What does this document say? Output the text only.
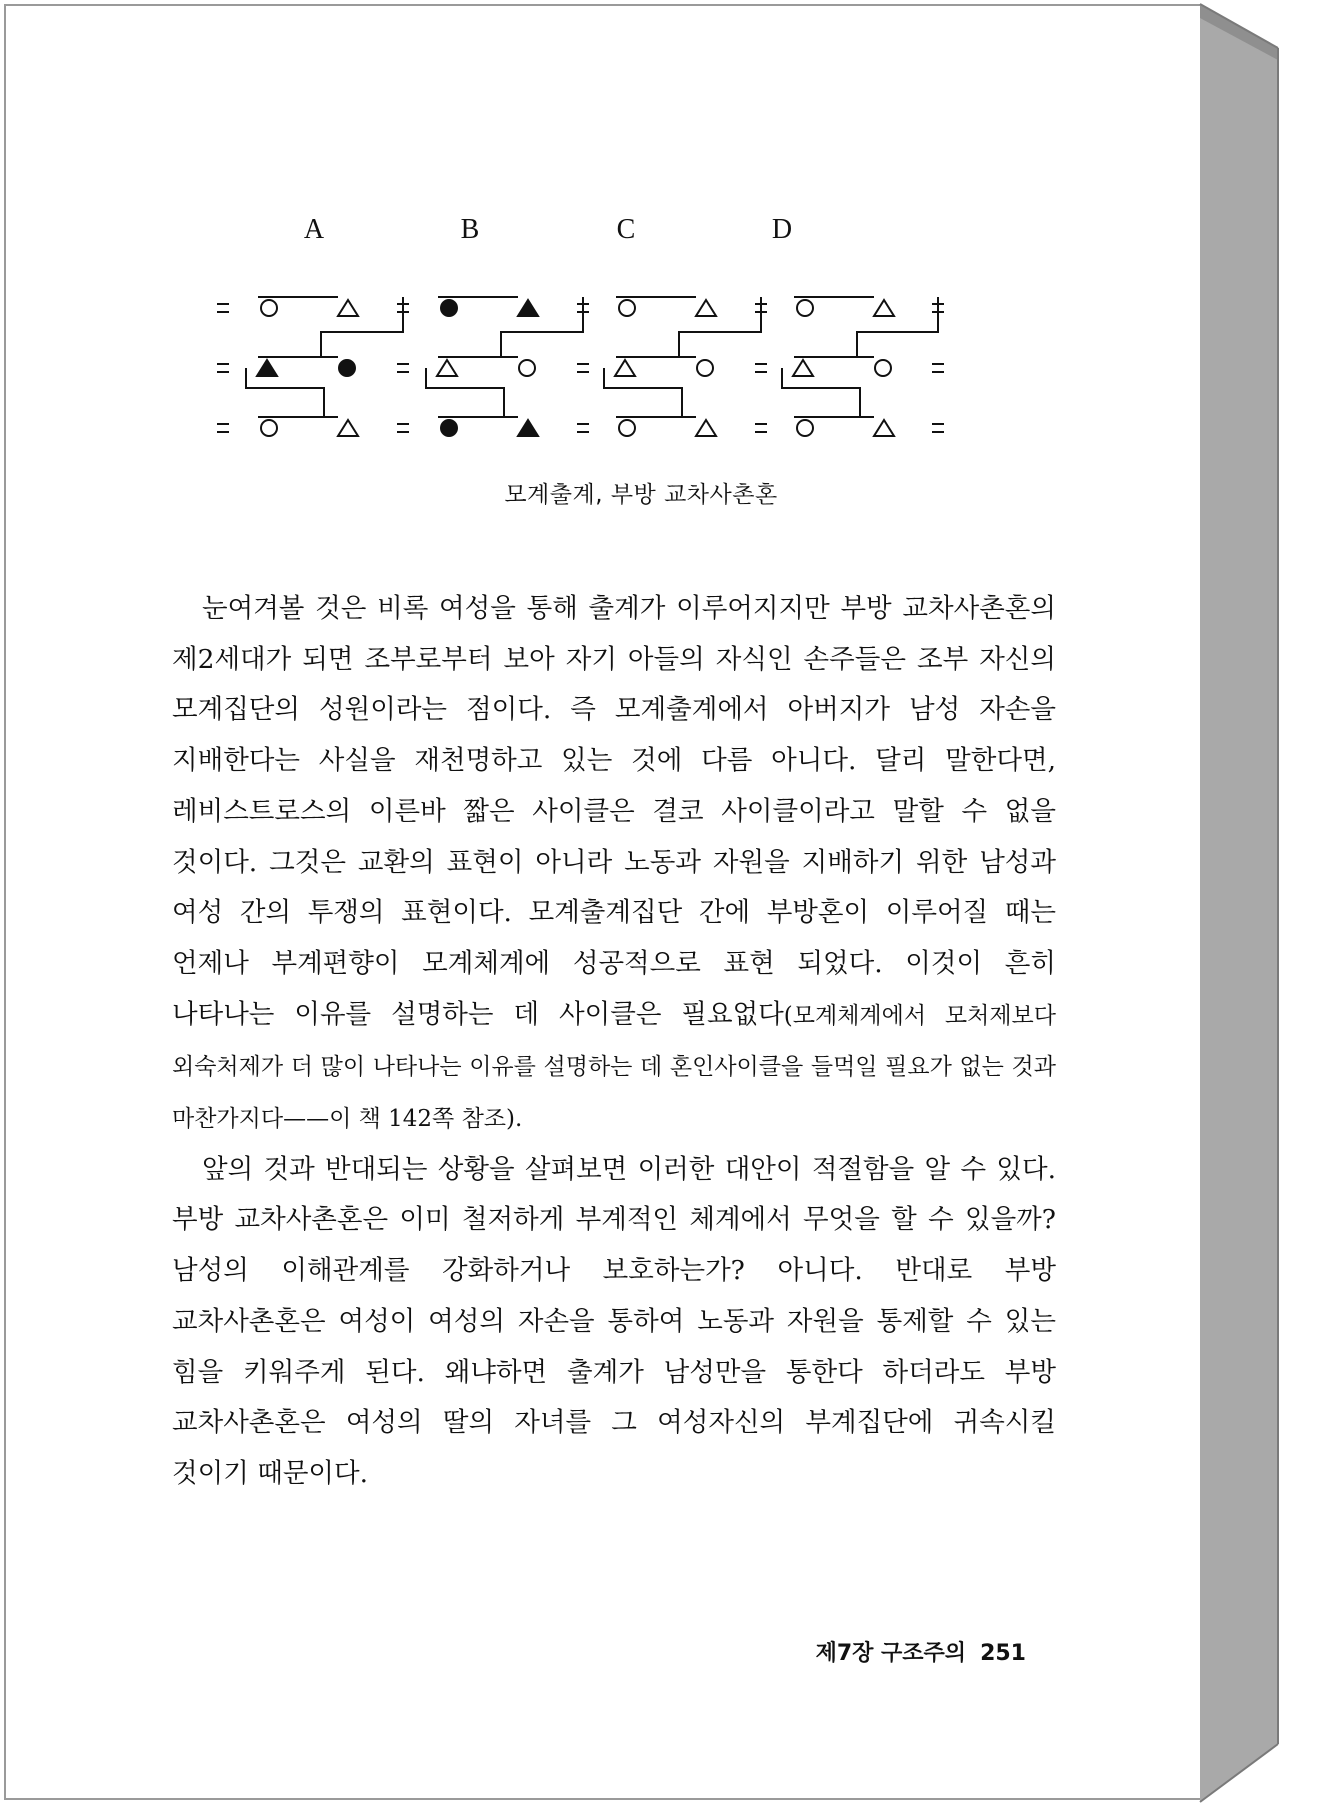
A	B	C	D
모계출계, 부방 교차사촌혼

눈여겨볼 것은 비록 여성을 통해 출계가 이루어지지만 부방 교차사촌혼의 제2세대가 되면 조부로부터 보아 자기 아들의 자식인 손주들은 조부 자신의 모계집단의 성원이라는 점이다. 즉 모계출계에서 아버지가 남성 자손을 지배한다는 사실을 재천명하고 있는 것에 다름 아니다. 달리 말한다면, 레비스트로스의 이른바 짧은 사이클은 결코 사이클이라고 말할 수 없을 것이다. 그것은 교환의 표현이 아니라 노동과 자원을 지배하기 위한 남성과 여성 간의 투쟁의 표현이다. 모계출계집단 간에 부방혼이 이루어질 때는 언제나 부계편향이 모계체계에 성공적으로 표현 되었다. 이것이 흔히 나타나는 이유를 설명하는 데 사이클은 필요없다(모계체계에서 모처제보다 외숙처제가 더 많이 나타나는 이유를 설명하는 데 혼인사이클을 들먹일 필요가 없는 것과 마찬가지다——이 책 142쪽 참조).

앞의 것과 반대되는 상황을 살펴보면 이러한 대안이 적절함을 알 수 있다. 부방 교차사촌혼은 이미 철저하게 부계적인 체계에서 무엇을 할 수 있을까? 남성의 이해관계를 강화하거나 보호하는가? 아니다. 반대로 부방 교차사촌혼은 여성이 여성의 자손을 통하여 노동과 자원을 통제할 수 있는 힘을 키워주게 된다. 왜냐하면 출계가 남성만을 통한다 하더라도 부방 교차사촌혼은 여성의 딸의 자녀를 그 여성자신의 부계집단에 귀속시킬 것이기 때문이다.

제7장 구조주의 251
